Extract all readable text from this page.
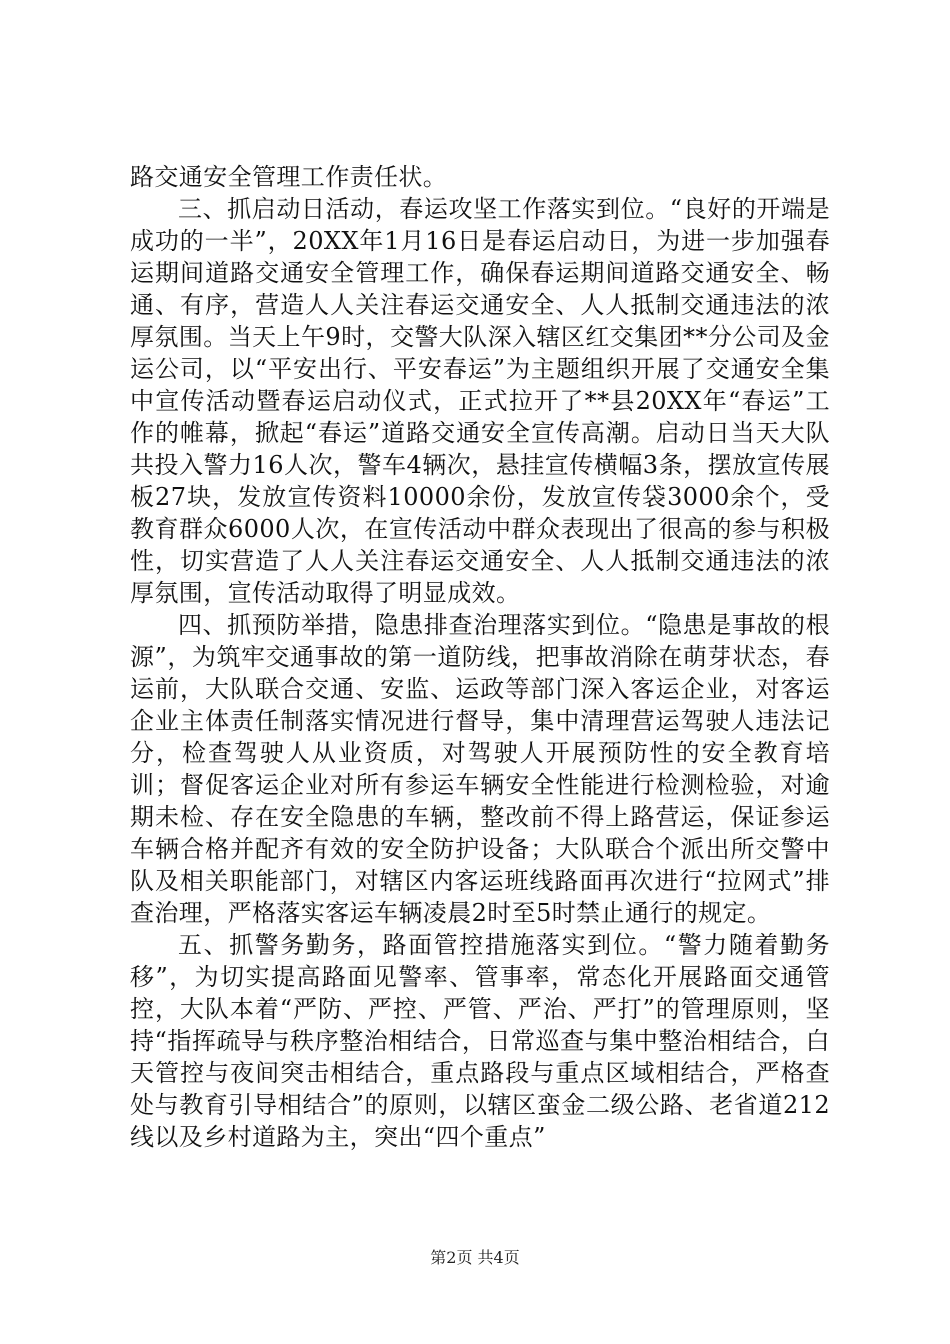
路交通安全管理工作责任状。

三、抓启动日活动，春运攻坚工作落实到位。“良好的开端是成功的一半”，20XX年1月16日是春运启动日，为进一步加强春运期间道路交通安全管理工作，确保春运期间道路交通安全、畅通、有序，营造人人关注春运交通安全、人人抵制交通违法的浓厚氛围。当天上午9时，交警大队深入辖区红交集团**分公司及金运公司，以“平安出行、平安春运”为主题组织开展了交通安全集中宣传活动暨春运启动仪式，正式拉开了**县20XX年“春运”工作的帷幕，掀起“春运”道路交通安全宣传高潮。启动日当天大队共投入警力16人次，警车4辆次，悬挂宣传横幅3条，摆放宣传展板27块，发放宣传资料10000余份，发放宣传袋3000余个，受教育群众6000人次，在宣传活动中群众表现出了很高的参与积极性，切实营造了人人关注春运交通安全、人人抵制交通违法的浓厚氛围，宣传活动取得了明显成效。

四、抓预防举措，隐患排查治理落实到位。“隐患是事故的根源”，为筑牢交通事故的第一道防线，把事故消除在萌芽状态，春运前，大队联合交通、安监、运政等部门深入客运企业，对客运企业主体责任制落实情况进行督导，集中清理营运驾驶人违法记分，检查驾驶人从业资质，对驾驶人开展预防性的安全教育培训；督促客运企业对所有参运车辆安全性能进行检测检验，对逾期未检、存在安全隐患的车辆，整改前不得上路营运，保证参运车辆合格并配齐有效的安全防护设备；大队联合个派出所交警中队及相关职能部门，对辖区内客运班线路面再次进行“拉网式”排查治理，严格落实客运车辆凌晨2时至5时禁止通行的规定。

五、抓警务勤务，路面管控措施落实到位。“警力随着勤务移”，为切实提高路面见警率、管事率，常态化开展路面交通管控，大队本着“严防、严控、严管、严治、严打”的管理原则，坚持“指挥疏导与秩序整治相结合，日常巡查与集中整治相结合，白天管控与夜间突击相结合，重点路段与重点区域相结合，严格查处与教育引导相结合”的原则，以辖区蛮金二级公路、老省道212线以及乡村道路为主，突出“四个重点”

第2页 共4页
